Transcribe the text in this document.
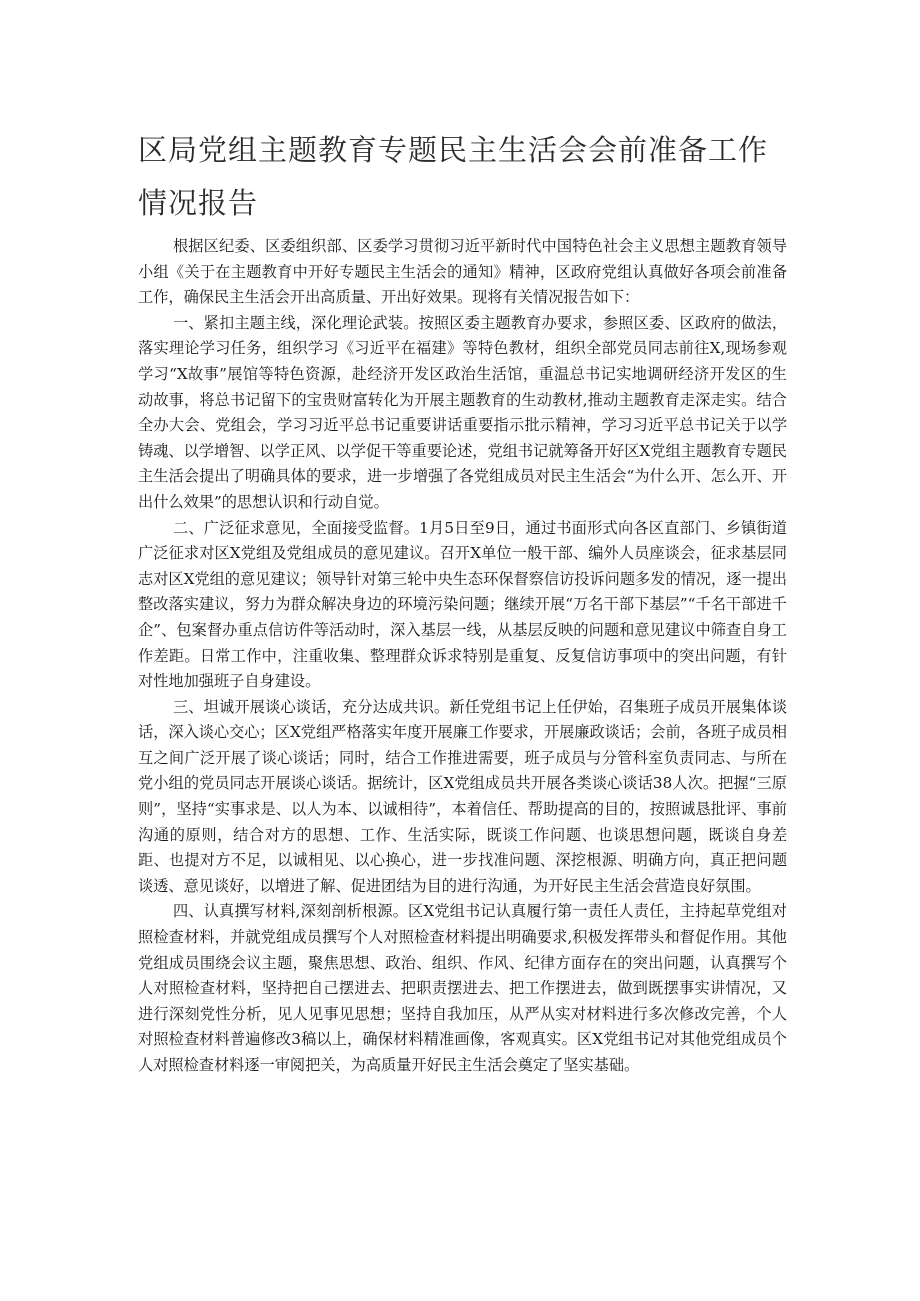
区局党组主题教育专题民主生活会会前准备工作情况报告

根据区纪委、区委组织部、区委学习贯彻习近平新时代中国特色社会主义思想主题教育领导小组《关于在主题教育中开好专题民主生活会的通知》精神，区政府党组认真做好各项会前准备工作，确保民主生活会开出高质量、开出好效果。现将有关情况报告如下：

一、紧扣主题主线，深化理论武装。按照区委主题教育办要求，参照区委、区政府的做法，落实理论学习任务，组织学习《习近平在福建》等特色教材，组织全部党员同志前往X,现场参观学习“X故事”展馆等特色资源，赴经济开发区政治生活馆，重温总书记实地调研经济开发区的生动故事，将总书记留下的宝贵财富转化为开展主题教育的生动教材,推动主题教育走深走实。结合全办大会、党组会，学习习近平总书记重要讲话重要指示批示精神，学习习近平总书记关于以学铸魂、以学增智、以学正风、以学促干等重要论述，党组书记就筹备开好区X党组主题教育专题民主生活会提出了明确具体的要求，进一步增强了各党组成员对民主生活会“为什么开、怎么开、开出什么效果”的思想认识和行动自觉。

二、广泛征求意见，全面接受监督。1月5日至9日，通过书面形式向各区直部门、乡镇街道广泛征求对区X党组及党组成员的意见建议。召开X单位一般干部、编外人员座谈会，征求基层同志对区X党组的意见建议；领导针对第三轮中央生态环保督察信访投诉问题多发的情况，逐一提出整改落实建议，努力为群众解决身边的环境污染问题；继续开展“万名干部下基层”“千名干部进千企”、包案督办重点信访件等活动时，深入基层一线，从基层反映的问题和意见建议中筛查自身工作差距。日常工作中，注重收集、整理群众诉求特别是重复、反复信访事项中的突出问题，有针对性地加强班子自身建设。

三、坦诚开展谈心谈话，充分达成共识。新任党组书记上任伊始，召集班子成员开展集体谈话，深入谈心交心；区X党组严格落实年度开展廉工作要求，开展廉政谈话；会前，各班子成员相互之间广泛开展了谈心谈话；同时，结合工作推进需要，班子成员与分管科室负责同志、与所在党小组的党员同志开展谈心谈话。据统计，区X党组成员共开展各类谈心谈话38人次。把握“三原则”，坚持“实事求是、以人为本、以诚相待”，本着信任、帮助提高的目的，按照诚恳批评、事前沟通的原则，结合对方的思想、工作、生活实际，既谈工作问题、也谈思想问题，既谈自身差距、也提对方不足，以诚相见、以心换心，进一步找准问题、深挖根源、明确方向，真正把问题谈透、意见谈好，以增进了解、促进团结为目的进行沟通，为开好民主生活会营造良好氛围。

四、认真撰写材料,深刻剖析根源。区X党组书记认真履行第一责任人责任，主持起草党组对照检查材料，并就党组成员撰写个人对照检查材料提出明确要求,积极发挥带头和督促作用。其他党组成员围绕会议主题，聚焦思想、政治、组织、作风、纪律方面存在的突出问题，认真撰写个人对照检查材料，坚持把自己摆进去、把职责摆进去、把工作摆进去，做到既摆事实讲情况，又进行深刻党性分析，见人见事见思想；坚持自我加压，从严从实对材料进行多次修改完善，个人对照检查材料普遍修改3稿以上，确保材料精准画像，客观真实。区X党组书记对其他党组成员个人对照检查材料逐一审阅把关，为高质量开好民主生活会奠定了坚实基础。
